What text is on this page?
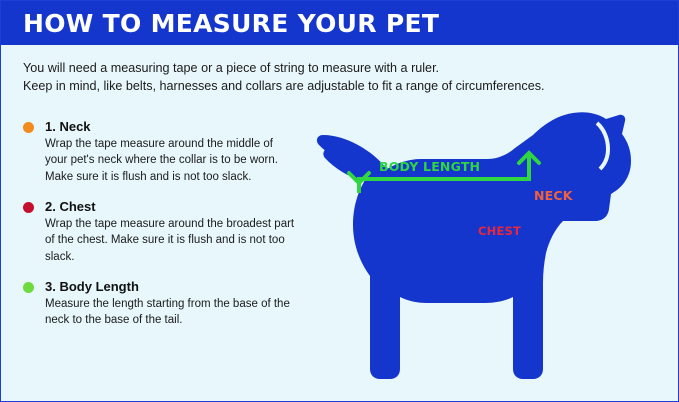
HOW TO MEASURE YOUR PET
You will need a measuring tape or a piece of string to measure with a ruler.
Keep in mind, like belts, harnesses and collars are adjustable to fit a range of circumferences.
1. Neck
Wrap the tape measure around the middle of your pet's neck where the collar is to be worn. Make sure it is flush and is not too slack.
2. Chest
Wrap the tape measure around the broadest part of the chest. Make sure it is flush and is not too slack.
3. Body Length
Measure the length starting from the base of the neck to the base of the tail.
BODY LENGTH
NECK
CHEST
